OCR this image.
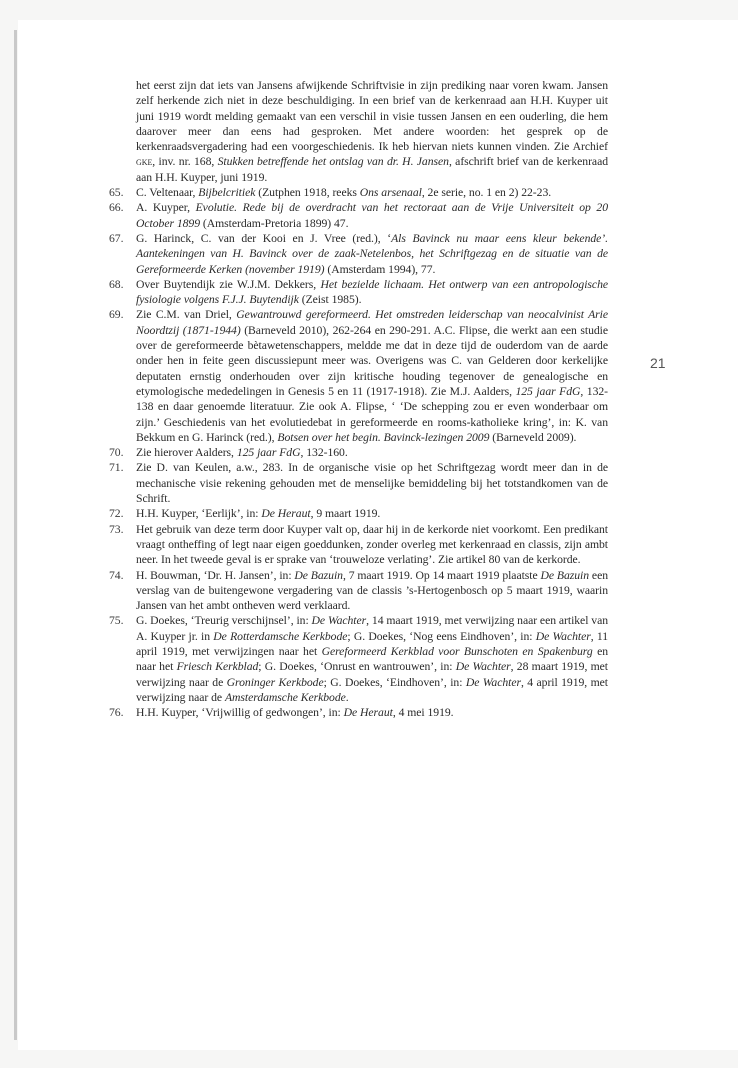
het eerst zijn dat iets van Jansens afwijkende Schriftvisie in zijn prediking naar voren kwam. Jansen zelf herkende zich niet in deze beschuldiging. In een brief van de kerkenraad aan H.H. Kuyper uit juni 1919 wordt melding gemaakt van een verschil in visie tussen Jansen en een ouderling, die hem daarover meer dan eens had gesproken. Met andere woorden: het gesprek op de kerkenraadsvergadering had een voorgeschiedenis. Ik heb hiervan niets kunnen vinden. Zie Archief gke, inv. nr. 168, Stukken betreffende het ontslag van dr. H. Jansen, afschrift brief van de kerkenraad aan H.H. Kuyper, juni 1919.

65.	C. Veltenaar, Bijbelcritiek (Zutphen 1918, reeks Ons arsenaal, 2e serie, no. 1 en 2) 22-23.
66.	A. Kuyper, Evolutie. Rede bij de overdracht van het rectoraat aan de Vrije Universiteit op 20 October 1899 (Amsterdam-Pretoria 1899) 47.
67.	G. Harinck, C. van der Kooi en J. Vree (red.), ‘Als Bavinck nu maar eens kleur bekende’. Aantekeningen van H. Bavinck over de zaak-Netelenbos, het Schriftgezag en de situatie van de Gereformeerde Kerken (november 1919) (Amsterdam 1994), 77.
68.	Over Buytendijk zie W.J.M. Dekkers, Het bezielde lichaam. Het ontwerp van een antropologische fysiologie volgens F.J.J. Buytendijk (Zeist 1985).
69.	Zie C.M. van Driel, Gewantrouwd gereformeerd. Het omstreden leiderschap van neocalvinist Arie Noordtzij (1871-1944) (Barneveld 2010), 262-264 en 290-291. A.C. Flipse, die werkt aan een studie over de gereformeerde bètawetenschappers, meldde me dat in deze tijd de ouderdom van de aarde onder hen in feite geen discussiepunt meer was. Overigens was C. van Gelderen door kerkelijke deputaten ernstig onderhouden over zijn kritische houding tegenover de genealogische en etymologische mededelingen in Genesis 5 en 11 (1917-1918). Zie M.J. Aalders, 125 jaar FdG, 132-138 en daar genoemde literatuur. Zie ook A. Flipse, ‘ ‘De schepping zou er even wonderbaar om zijn.’ Geschiedenis van het evolutiedebat in gereformeerde en rooms-katholieke kring’, in: K. van Bekkum en G. Harinck (red.), Botsen over het begin. Bavinck-lezingen 2009 (Barneveld 2009).
70.	Zie hierover Aalders, 125 jaar FdG, 132-160.
71.	Zie D. van Keulen, a.w., 283. In de organische visie op het Schriftgezag wordt meer dan in de mechanische visie rekening gehouden met de menselijke bemiddeling bij het totstandkomen van de Schrift.
72.	H.H. Kuyper, ‘Eerlijk’, in: De Heraut, 9 maart 1919.
73.	Het gebruik van deze term door Kuyper valt op, daar hij in de kerkorde niet voorkomt. Een predikant vraagt ontheffing of legt naar eigen goeddunken, zonder overleg met kerkenraad en classis, zijn ambt neer. In het tweede geval is er sprake van ‘trouweloze verlating’. Zie artikel 80 van de kerkorde.
74.	H. Bouwman, ‘Dr. H. Jansen’, in: De Bazuin, 7 maart 1919. Op 14 maart 1919 plaatste De Bazuin een verslag van de buitengewone vergadering van de classis ’s-Hertogenbosch op 5 maart 1919, waarin Jansen van het ambt ontheven werd verklaard.
75.	G. Doekes, ‘Treurig verschijnsel’, in: De Wachter, 14 maart 1919, met verwijzing naar een artikel van A. Kuyper jr. in De Rotterdamsche Kerkbode; G. Doekes, ‘Nog eens Eindhoven’, in: De Wachter, 11 april 1919, met verwijzingen naar het Gereformeerd Kerkblad voor Bunschoten en Spakenburg en naar het Friesch Kerkblad; G. Doekes, ‘Onrust en wantrouwen’, in: De Wachter, 28 maart 1919, met verwijzing naar de Groninger Kerkbode; G. Doekes, ‘Eindhoven’, in: De Wachter, 4 april 1919, met verwijzing naar de Amsterdamsche Kerkbode.
76.	H.H. Kuyper, ‘Vrijwillig of gedwongen’, in: De Heraut, 4 mei 1919.
21
